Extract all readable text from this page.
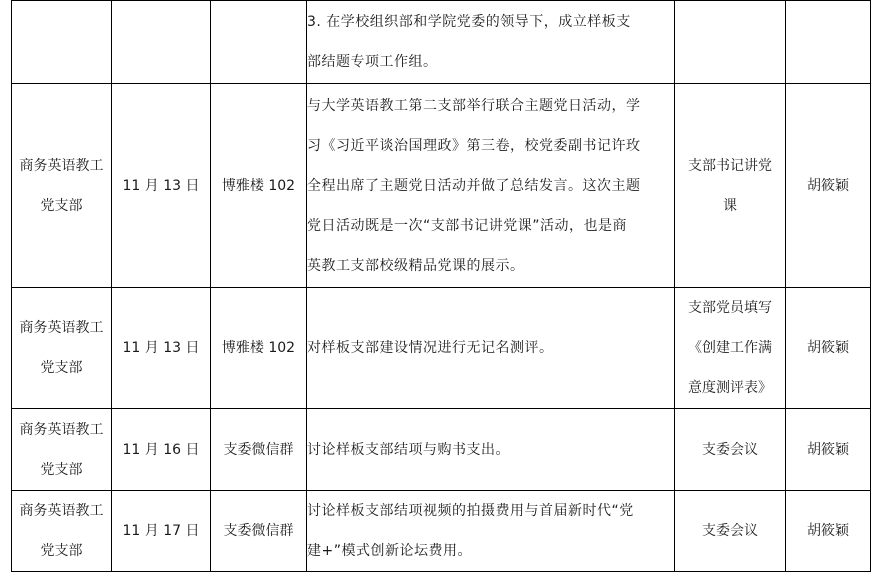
			3. 在学校组织部和学院党委的领导下，成立样板支
部结题专项工作组。		

商务英语教工
党支部	11 月 13 日	博雅楼 102	与大学英语教工第二支部举行联合主题党日活动，学
习《习近平谈治国理政》第三卷，校党委副书记许玫
全程出席了主题党日活动并做了总结发言。这次主题
党日活动既是一次“支部书记讲党课”活动，也是商
英教工支部校级精品党课的展示。	支部书记讲党
课	胡筱颖

商务英语教工
党支部	11 月 13 日	博雅楼 102	对样板支部建设情况进行无记名测评。	支部党员填写
《创建工作满
意度测评表》	胡筱颖

商务英语教工
党支部	11 月 16 日	支委微信群	讨论样板支部结项与购书支出。	支委会议	胡筱颖

商务英语教工
党支部	11 月 17 日	支委微信群	讨论样板支部结项视频的拍摄费用与首届新时代“党
建+”模式创新论坛费用。	支委会议	胡筱颖
